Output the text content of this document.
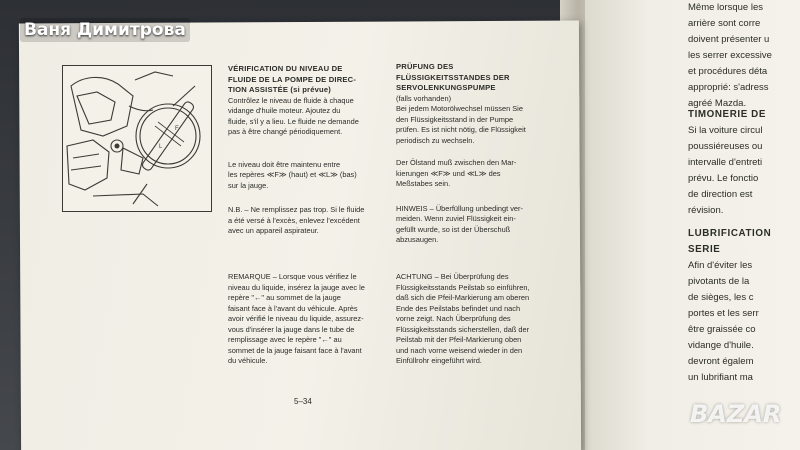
F
L
VÉRIFICATION DU NIVEAU DE
FLUIDE DE LA POMPE DE DIREC-
TION ASSISTÉE (si prévue)
Contrôlez le niveau de fluide à chaque
vidange d'huile moteur. Ajoutez du
fluide, s'il y a lieu. Le fluide ne demande
pas à être changé périodiquement.
Le niveau doit être maintenu entre
les repères ≪F≫ (haut) et ≪L≫ (bas)
sur la jauge.
N.B. – Ne remplissez pas trop. Si le fluide
a été versé à l'excès, enlevez l'excédent
avec un appareil aspirateur.
PRÜFUNG DES
FLÜSSIGKEITSSTANDES DER
SERVOLENKUNGSPUMPE
(falls vorhanden)
Bei jedem Motorölwechsel müssen Sie
den Flüssigkeitsstand in der Pumpe
prüfen. Es ist nicht nötig, die Flüssigkeit
periodisch zu wechseln.
Der Ölstand muß zwischen den Mar-
kierungen ≪F≫ und ≪L≫ des
Meßstabes sein.
HINWEIS – Überfüllung unbedingt ver-
meiden. Wenn zuviel Flüssigkeit ein-
gefüllt wurde, so ist der Überschuß
abzusaugen.
REMARQUE – Lorsque vous vérifiez le
niveau du liquide, insérez la jauge avec le
repère "←" au sommet de la jauge
faisant face à l'avant du véhicule. Après
avoir vérifié le niveau du liquide, assurez-
vous d'insérer la jauge dans le tube de
remplissage avec le repère "←" au
sommet de la jauge faisant face à l'avant
du véhicule.
ACHTUNG – Bei Überprüfung des
Flüssigkeitsstands Peilstab so einführen,
daß sich die Pfeil-Markierung am oberen
Ende des Peilstabs befindet und nach
vorne zeigt. Nach Überprüfung des
Flüssigkeitsstands sicherstellen, daß der
Peilstab mit der Pfeil-Markierung oben
und nach vorne weisend wieder in den
Einfüllrohr eingeführt wird.
5–34
Même lorsque les
arrière sont corre
doivent présenter u
les serrer excessive
et procédures déta
approprié: s'adress
agréé Mazda.
TIMONERIE DE
Si la voiture circul
poussiéreuses ou
intervalle d'entreti
prévu. Le fonctio
de direction est
révision.
LUBRIFICATION
SERIE
Afin d'éviter les
pivotants de la
de sièges, les c
portes et les serr
être graissée co
vidange d'huile.
devront égalem
un lubrifiant ma
Ваня Димитрова
BAZAR
